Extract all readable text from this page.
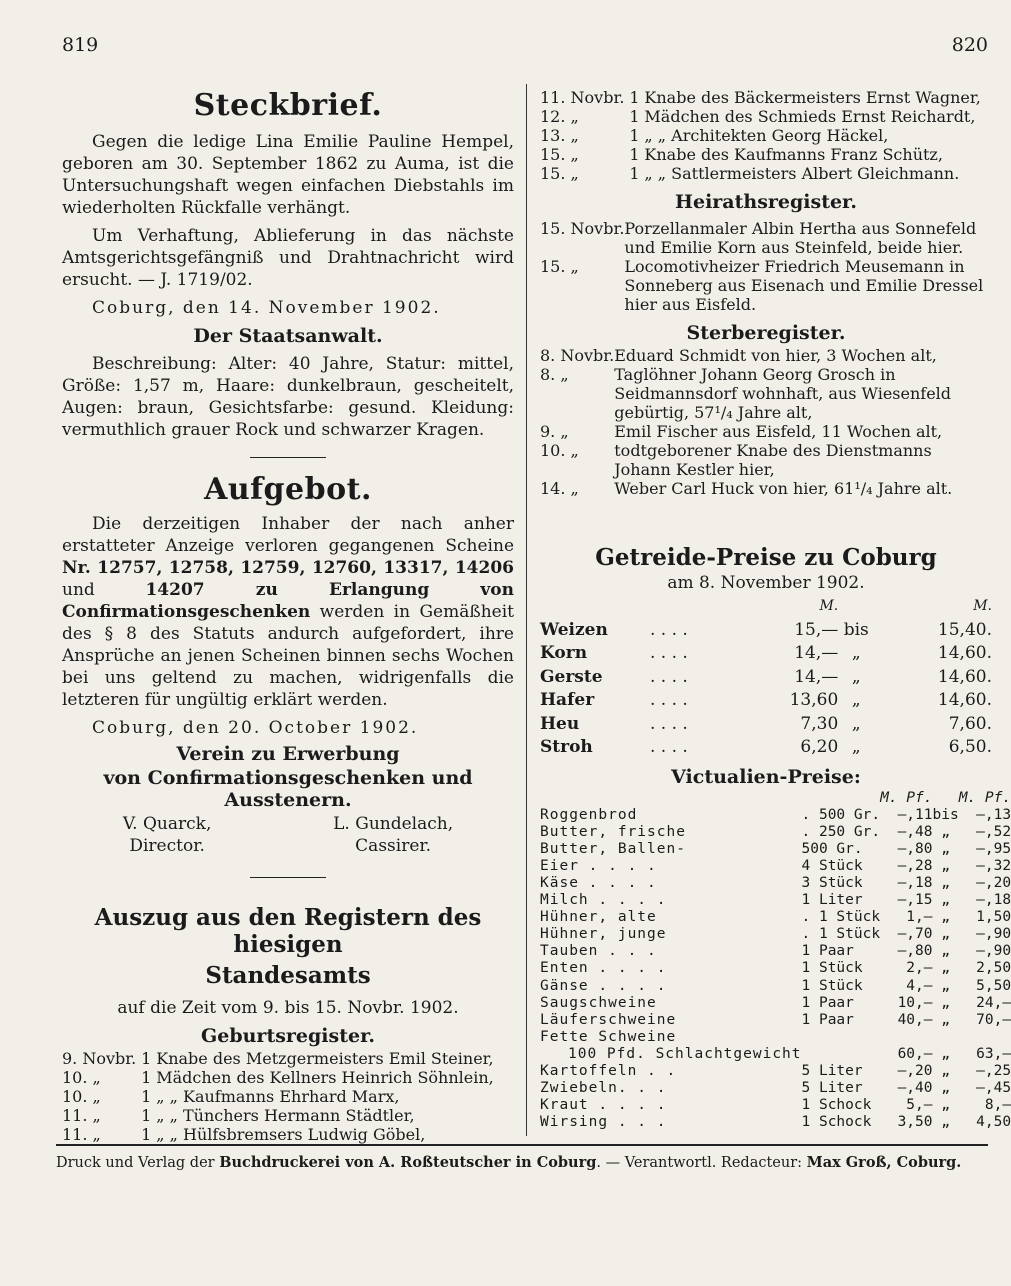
819	820
Steckbrief.

Gegen die ledige Lina Emilie Pauline Hempel, geboren am 30. September 1862 zu Auma, ist die Untersuchungshaft wegen einfachen Diebstahls im wiederholten Rückfalle verhängt.

Um Verhaftung, Ablieferung in das nächste Amtsgerichtsgefängniß und Drahtnachricht wird ersucht. — J. 1719/02.

Coburg, den 14. November 1902.

Der Staatsanwalt.

Beschreibung: Alter: 40 Jahre, Statur: mittel, Größe: 1,57 m, Haare: dunkelbraun, gescheitelt, Augen: braun, Gesichtsfarbe: gesund. Kleidung: vermuthlich grauer Rock und schwarzer Kragen.

Aufgebot.

Die derzeitigen Inhaber der nach anher erstatteter Anzeige verloren gegangenen Scheine Nr. 12757, 12758, 12759, 12760, 13317, 14206 und 14207 zu Erlangung von Confirmationsgeschenken werden in Gemäßheit des § 8 des Statuts andurch aufgefordert, ihre Ansprüche an jenen Scheinen binnen sechs Wochen bei uns geltend zu machen, widrigenfalls die letzteren für ungültig erklärt werden.

Coburg, den 20. October 1902.

Verein zu Erwerbung
von Confirmationsgeschenken und Ausstenern.
V. Quarck,
Director.
L. Gundelach,
Cassirer.
Auszug aus den Registern des hiesigen
Standesamts
auf die Zeit vom 9. bis 15. Novbr. 1902.
Geburtsregister.
9. Novbr.	1	Knabe des Metzgermeisters Emil Steiner,
10. „	1	Mädchen des Kellners Heinrich Söhnlein,
10. „	1	„ „ Kaufmanns Ehrhard Marx,
11. „	1	„ „ Tünchers Hermann Städtler,
11. „	1	„ „ Hülfsbremsers Ludwig Göbel,
11. Novbr.	1	Knabe des Bäckermeisters Ernst Wagner,
12. „	1	Mädchen des Schmieds Ernst Reichardt,
13. „	1	„ „ Architekten Georg Häckel,
15. „	1	Knabe des Kaufmanns Franz Schütz,
15. „	1	„ „ Sattlermeisters Albert Gleichmann.
Heirathsregister.
15. Novbr.	Porzellanmaler Albin Hertha aus Sonnefeld und Emilie Korn aus Steinfeld, beide hier.
15. „	Locomotivheizer Friedrich Meusemann in Sonneberg aus Eisenach und Emilie Dressel hier aus Eisfeld.
Sterberegister.
8. Novbr.	Eduard Schmidt von hier, 3 Wochen alt,
8. „	Taglöhner Johann Georg Grosch in Seidmannsdorf wohnhaft, aus Wiesenfeld gebürtig, 57¹/₄ Jahre alt,
9. „	Emil Fischer aus Eisfeld, 11 Wochen alt,
10. „	todtgeborener Knabe des Dienstmanns Johann Kestler hier,
14. „	Weber Carl Huck von hier, 61¹/₄ Jahre alt.
Getreide-Preise zu Coburg
am 8. November 1902.
		M.		M.
Weizen	. . . .	15,—	bis	15,40.
Korn	. . . .	14,—	„	14,60.
Gerste	. . . .	14,—	„	14,60.
Hafer	. . . .	13,60	„	14,60.
Heu	. . . .	7,30	„	7,60.
Stroh	. . . .	6,20	„	6,50.
Victualien-Preise:
		M. Pf.		M. Pf.
Roggenbrod	. 500 Gr.	—,11	bis	—,13
Butter, frische	. 250 Gr.	—,48	„	—,52
Butter, Ballen-	500 Gr.	—,80	„	—,95
Eier . . . .	4 Stück	—,28	„	—,32
Käse . . . .	3 Stück	—,18	„	—,20
Milch . . . .	1 Liter	—,15	„	—,18
Hühner, alte	. 1 Stück	1,—	„	1,50
Hühner, junge	. 1 Stück	—,70	„	—,90
Tauben . . .	1 Paar	—,80	„	—,90
Enten . . . .	1 Stück	2,—	„	2,50
Gänse . . . .	1 Stück	4,—	„	5,50
Saugschweine	1 Paar	10,—	„	24,—
Läuferschweine	1 Paar	40,—	„	70,—
Fette Schweine				
100 Pfd. Schlachtgewicht		60,—	„	63,—
Kartoffeln . .	5 Liter	—,20	„	—,25
Zwiebeln. . .	5 Liter	—,40	„	—,45
Kraut . . . .	1 Schock	5,—	„	8,—
Wirsing . . .	1 Schock	3,50	„	4,50
Druck und Verlag der Buchdruckerei von A. Roßteutscher in Coburg. — Verantwortl. Redacteur: Max Groß, Coburg.
